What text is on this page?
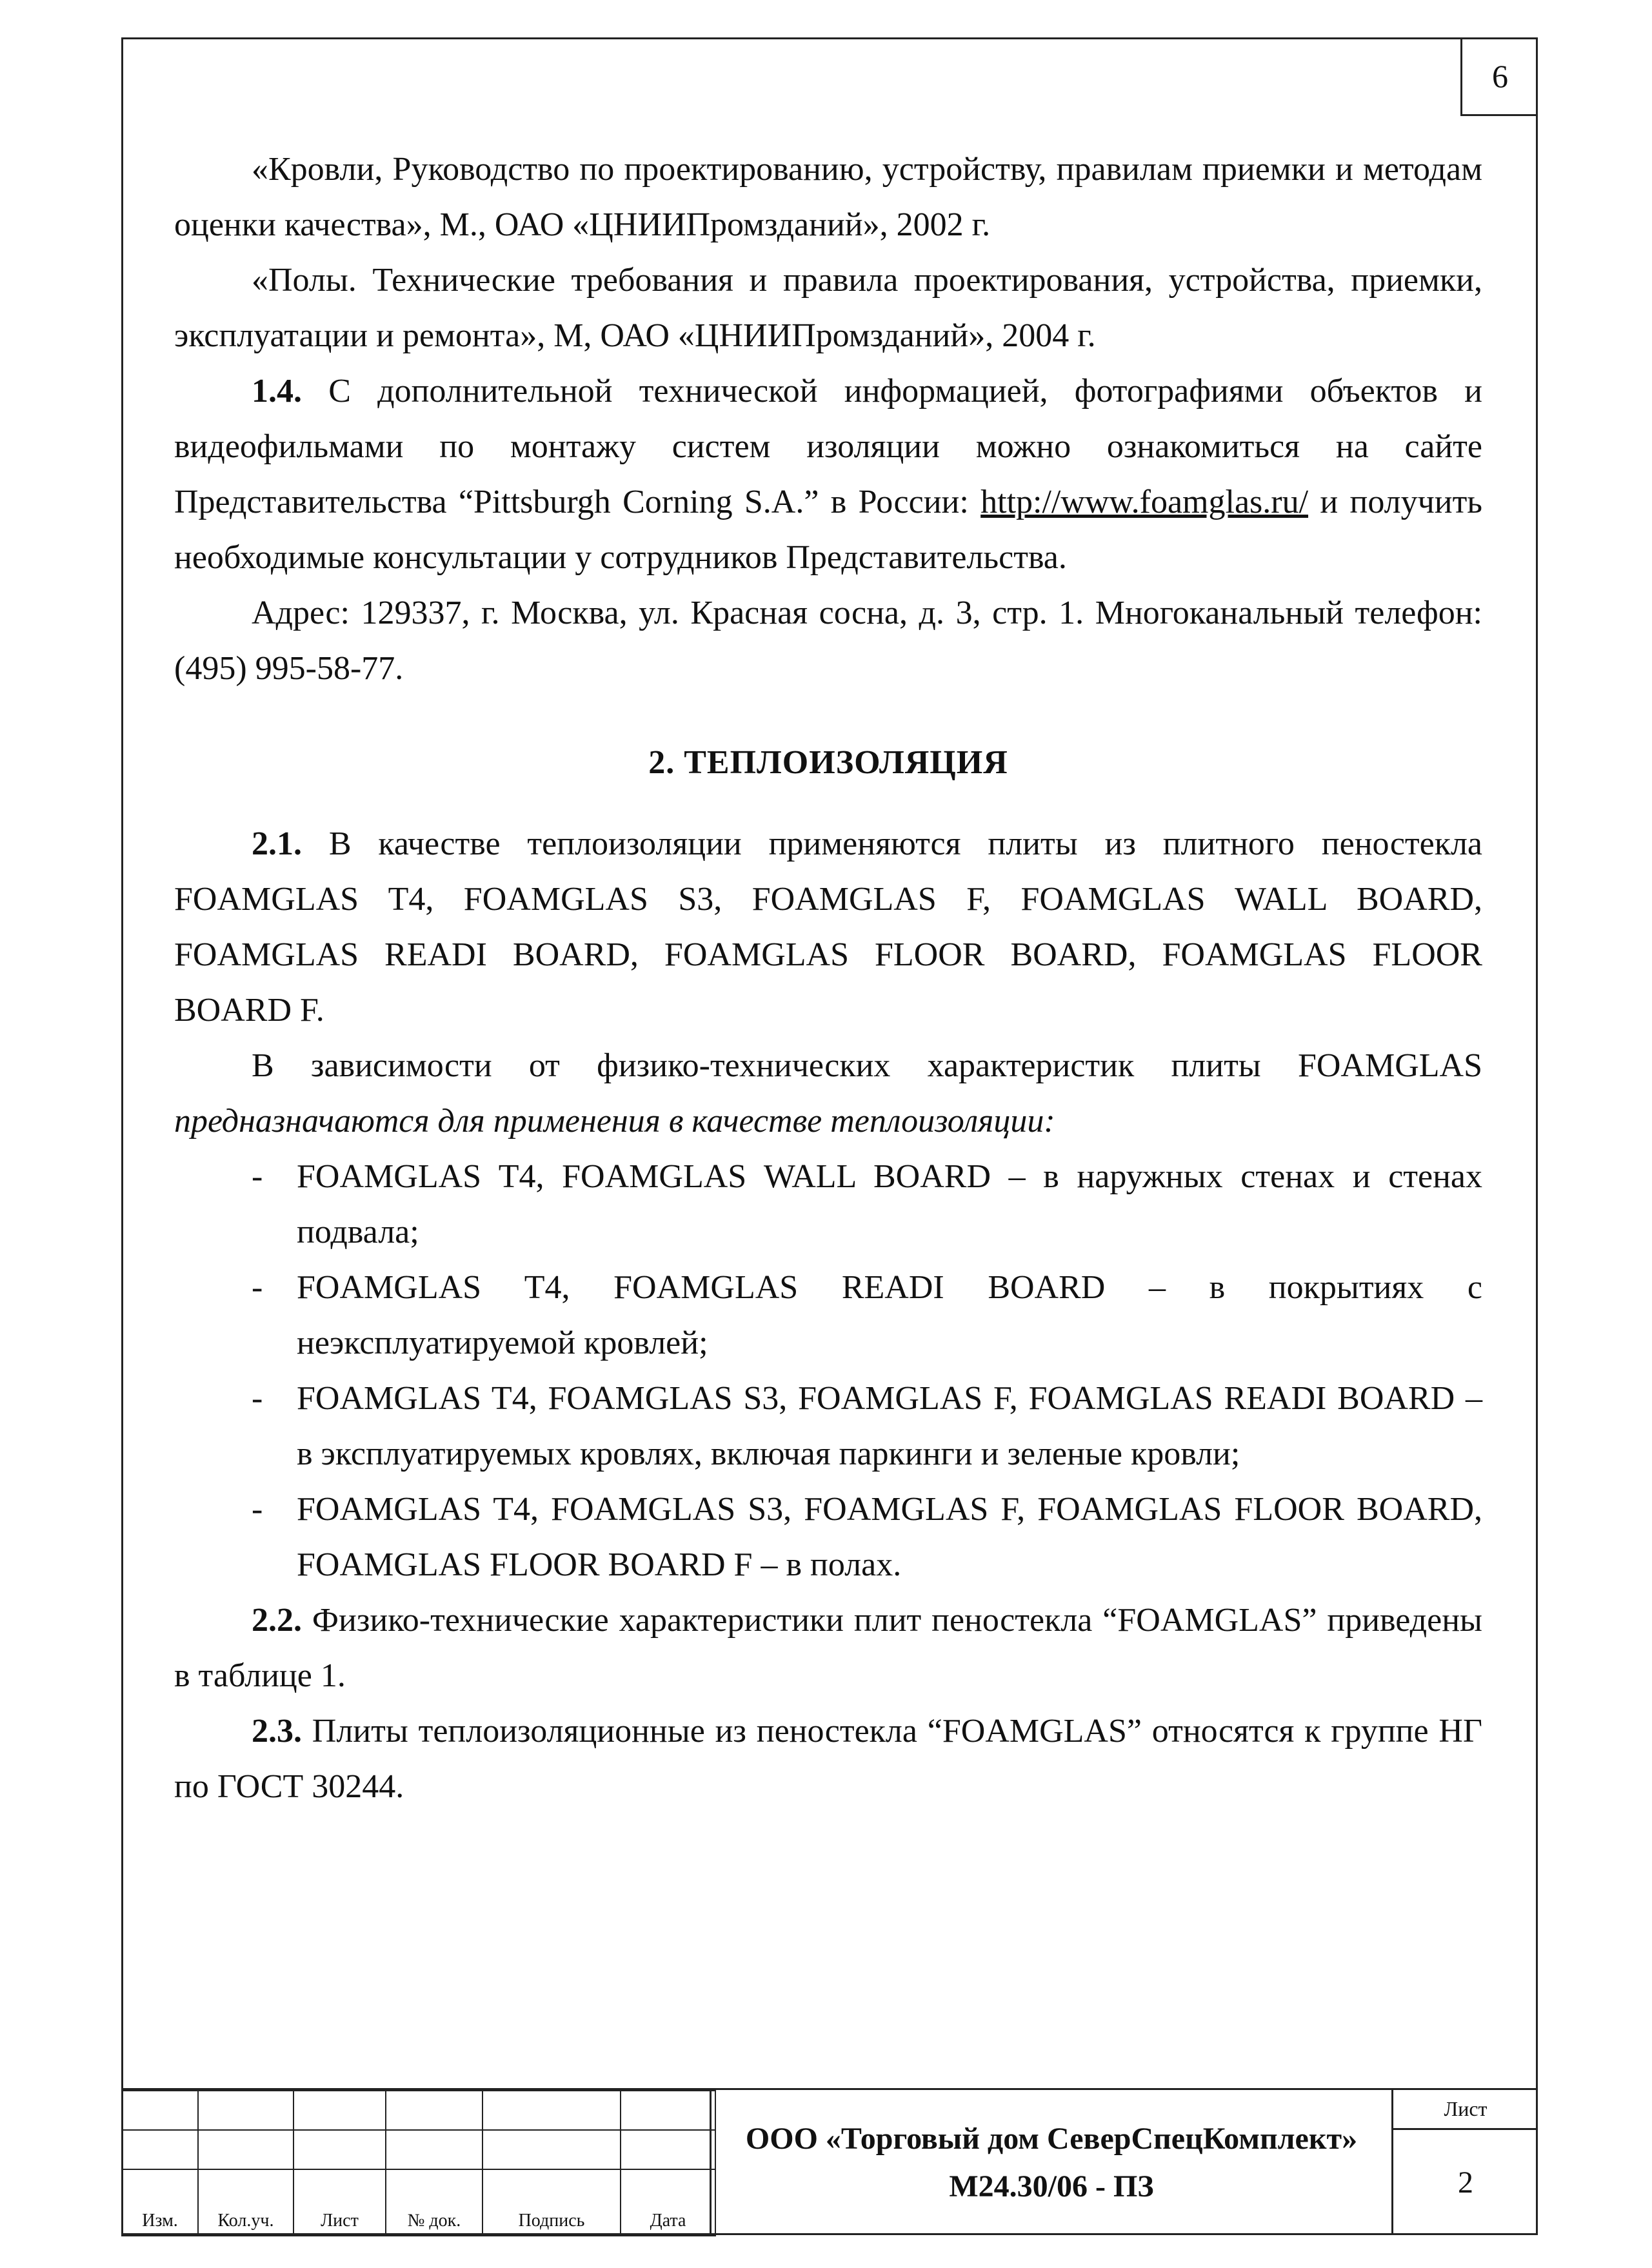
6

«Кровли, Руководство по проектированию, устройству, правилам приемки и методам оценки качества», М., ОАО «ЦНИИПромзданий», 2002 г.

«Полы. Технические требования и правила проектирования, устройства, приемки, эксплуатации и ремонта», М, ОАО «ЦНИИПромзданий», 2004 г.

1.4. С дополнительной технической информацией, фотографиями объектов и видеофильмами по монтажу систем изоляции можно ознакомиться на сайте Представительства “Pittsburgh Corning S.A.” в России: http://www.foamglas.ru/ и получить необходимые консультации у сотрудников Представительства.

Адрес: 129337, г. Москва, ул. Красная сосна, д. 3, стр. 1. Многоканальный телефон: (495) 995-58-77.

2. ТЕПЛОИЗОЛЯЦИЯ

2.1. В качестве теплоизоляции применяются плиты из плитного пеностекла FOAMGLAS T4, FOAMGLAS S3, FOAMGLAS F, FOAMGLAS WALL BOARD, FOAMGLAS READI BOARD, FOAMGLAS FLOOR BOARD, FOAMGLAS FLOOR BOARD F.

В зависимости от физико-технических характеристик плиты FOAMGLAS предназначаются для применения в качестве теплоизоляции:

- FOAMGLAS T4, FOAMGLAS WALL BOARD – в наружных стенах и стенах подвала;
- FOAMGLAS T4, FOAMGLAS READI BOARD – в покрытиях с неэксплуатируемой кровлей;
- FOAMGLAS T4, FOAMGLAS S3, FOAMGLAS F, FOAMGLAS READI BOARD – в эксплуатируемых кровлях, включая паркинги и зеленые кровли;
- FOAMGLAS T4, FOAMGLAS S3, FOAMGLAS F, FOAMGLAS FLOOR BOARD, FOAMGLAS FLOOR BOARD F – в полах.

2.2. Физико-технические характеристики плит пеностекла “FOAMGLAS” приведены в таблице 1.

2.3. Плиты теплоизоляционные из пеностекла “FOAMGLAS” относятся к группе НГ по ГОСТ 30244.

Изм.	Кол.уч.	Лист	№ док.	Подпись	Дата
ООО «Торговый дом СеверСпецКомплект»
М24.30/06 - ПЗ
Лист
2
